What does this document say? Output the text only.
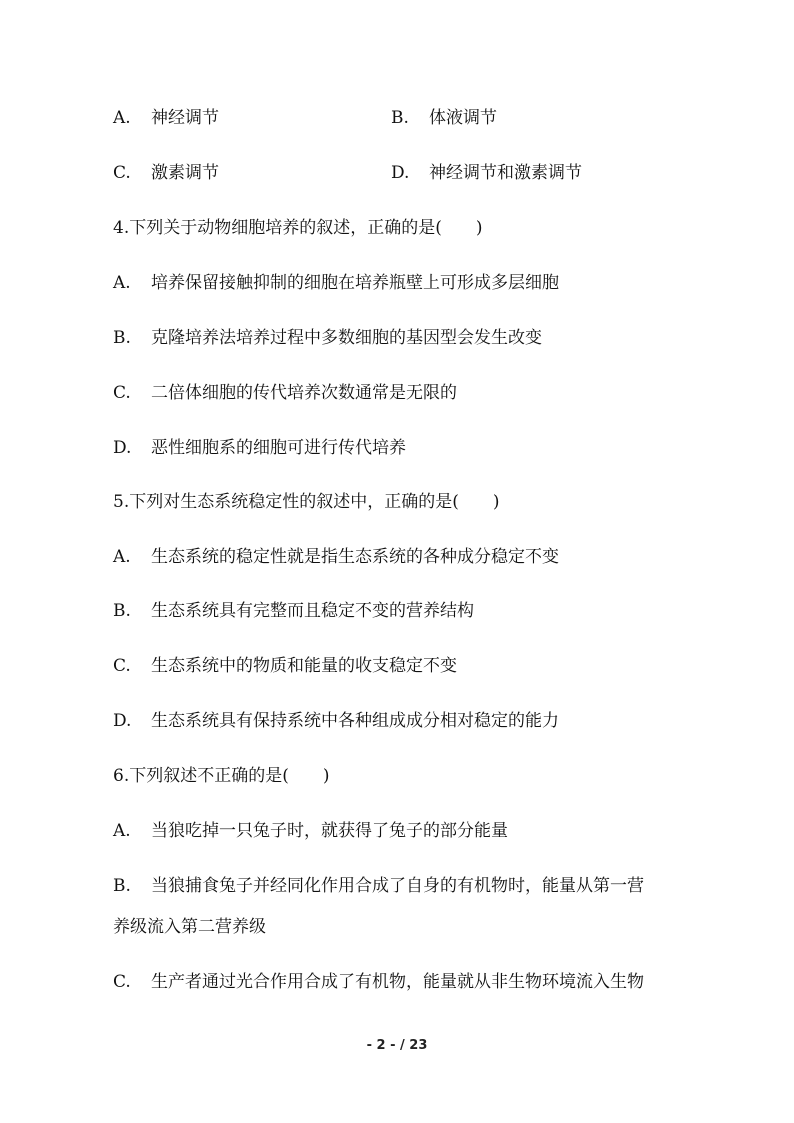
A. 神经调节	B. 体液调节
C. 激素调节	D. 神经调节和激素调节
4.下列关于动物细胞培养的叙述，正确的是(　　)
A. 培养保留接触抑制的细胞在培养瓶壁上可形成多层细胞
B. 克隆培养法培养过程中多数细胞的基因型会发生改变
C. 二倍体细胞的传代培养次数通常是无限的
D. 恶性细胞系的细胞可进行传代培养
5.下列对生态系统稳定性的叙述中，正确的是(　　)
A. 生态系统的稳定性就是指生态系统的各种成分稳定不变
B. 生态系统具有完整而且稳定不变的营养结构
C. 生态系统中的物质和能量的收支稳定不变
D. 生态系统具有保持系统中各种组成成分相对稳定的能力
6.下列叙述不正确的是(　　)
A. 当狼吃掉一只兔子时，就获得了兔子的部分能量
B. 当狼捕食兔子并经同化作用合成了自身的有机物时，能量从第一营
养级流入第二营养级
C. 生产者通过光合作用合成了有机物，能量就从非生物环境流入生物
- 2 - / 23
